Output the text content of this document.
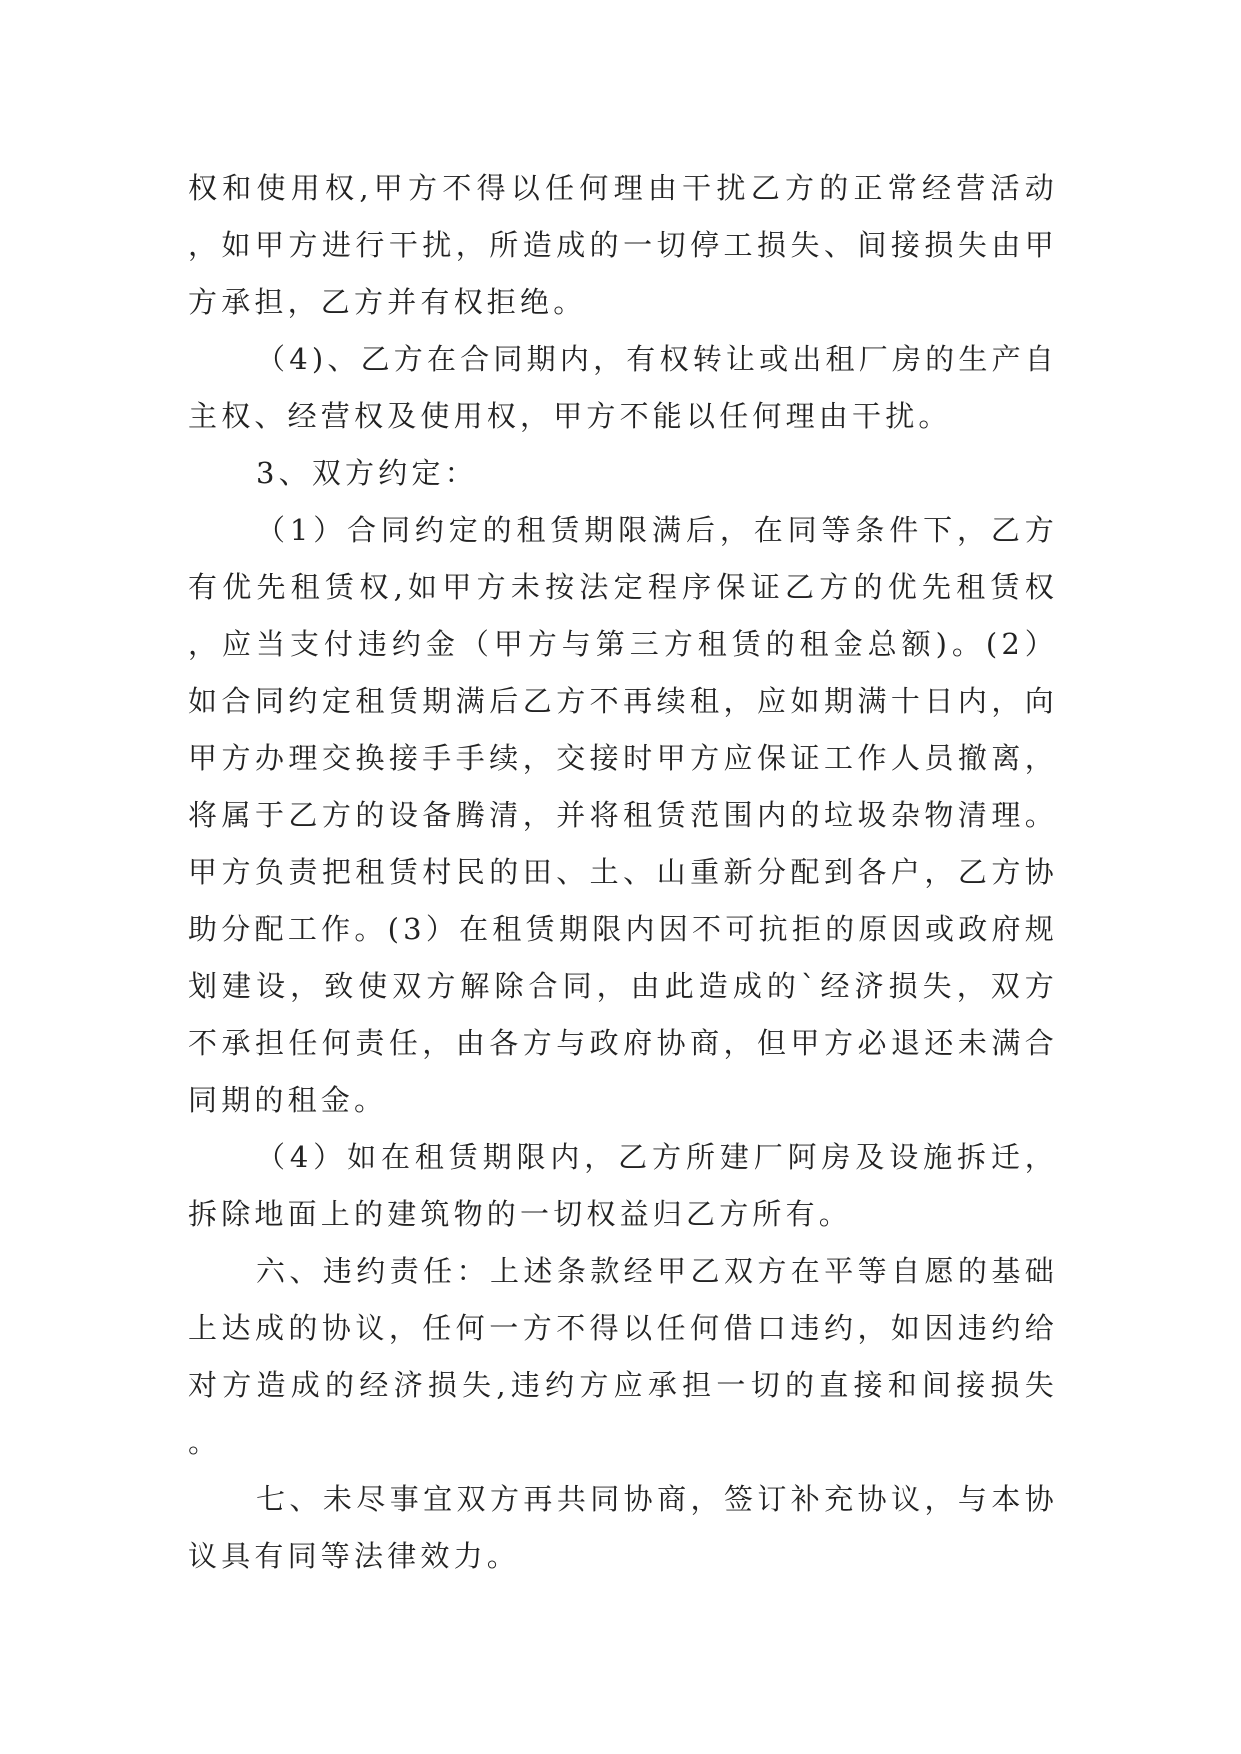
权和使用权,甲方不得以任何理由干扰乙方的正常经营活动，如甲方进行干扰，所造成的一切停工损失、间接损失由甲方承担，乙方并有权拒绝。

（4)、乙方在合同期内，有权转让或出租厂房的生产自主权、经营权及使用权，甲方不能以任何理由干扰。

3、双方约定：

（1）合同约定的租赁期限满后，在同等条件下，乙方有优先租赁权,如甲方未按法定程序保证乙方的优先租赁权，应当支付违约金（甲方与第三方租赁的租金总额)。(2）如合同约定租赁期满后乙方不再续租，应如期满十日内，向甲方办理交换接手手续，交接时甲方应保证工作人员撤离，将属于乙方的设备腾清，并将租赁范围内的垃圾杂物清理。甲方负责把租赁村民的田、土、山重新分配到各户，乙方协助分配工作。(3）在租赁期限内因不可抗拒的原因或政府规划建设，致使双方解除合同，由此造成的`经济损失，双方不承担任何责任，由各方与政府协商，但甲方必退还未满合同期的租金。

（4）如在租赁期限内，乙方所建厂阿房及设施拆迁，拆除地面上的建筑物的一切权益归乙方所有。

六、违约责任：上述条款经甲乙双方在平等自愿的基础上达成的协议，任何一方不得以任何借口违约，如因违约给对方造成的经济损失,违约方应承担一切的直接和间接损失。

七、未尽事宜双方再共同协商，签订补充协议，与本协议具有同等法律效力。
